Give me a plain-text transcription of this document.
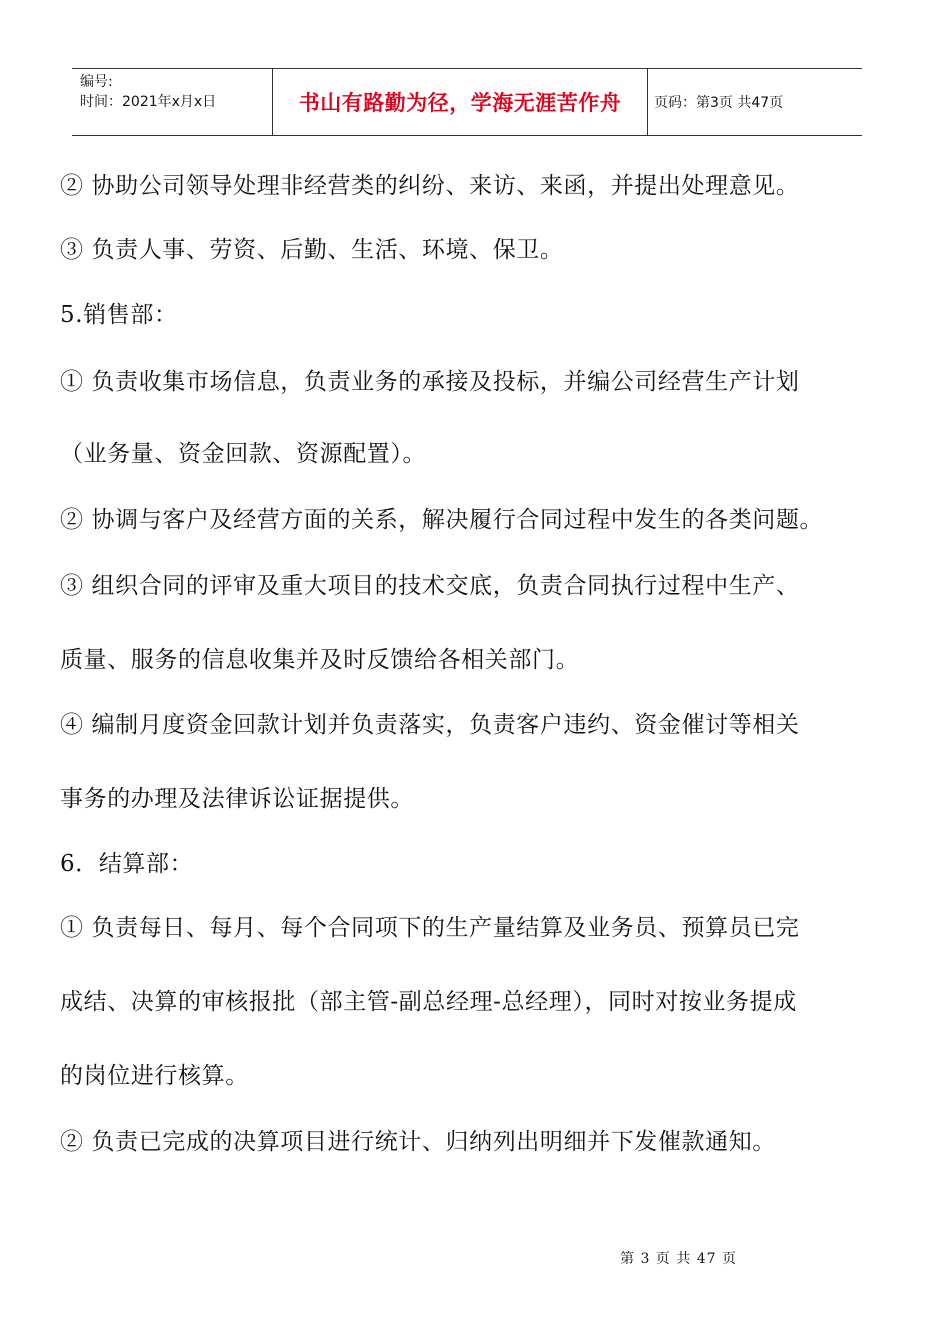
编号:
时间：2021年x月x日	书山有路勤为径，学海无涯苦作舟	页码：第3页 共47页
② 协助公司领导处理非经营类的纠纷、来访、来函，并提出处理意见。
③ 负责人事、劳资、后勤、生活、环境、保卫。
5.销售部：
① 负责收集市场信息，负责业务的承接及投标，并编公司经营生产计划
（业务量、资金回款、资源配置）。
② 协调与客户及经营方面的关系，解决履行合同过程中发生的各类问题。
③ 组织合同的评审及重大项目的技术交底，负责合同执行过程中生产、
质量、服务的信息收集并及时反馈给各相关部门。
④ 编制月度资金回款计划并负责落实，负责客户违约、资金催讨等相关
事务的办理及法律诉讼证据提供。
6．结算部：
① 负责每日、每月、每个合同项下的生产量结算及业务员、预算员已完
成结、决算的审核报批（部主管-副总经理-总经理），同时对按业务提成
的岗位进行核算。
② 负责已完成的决算项目进行统计、归纳列出明细并下发催款通知。
第 3 页 共 47 页
